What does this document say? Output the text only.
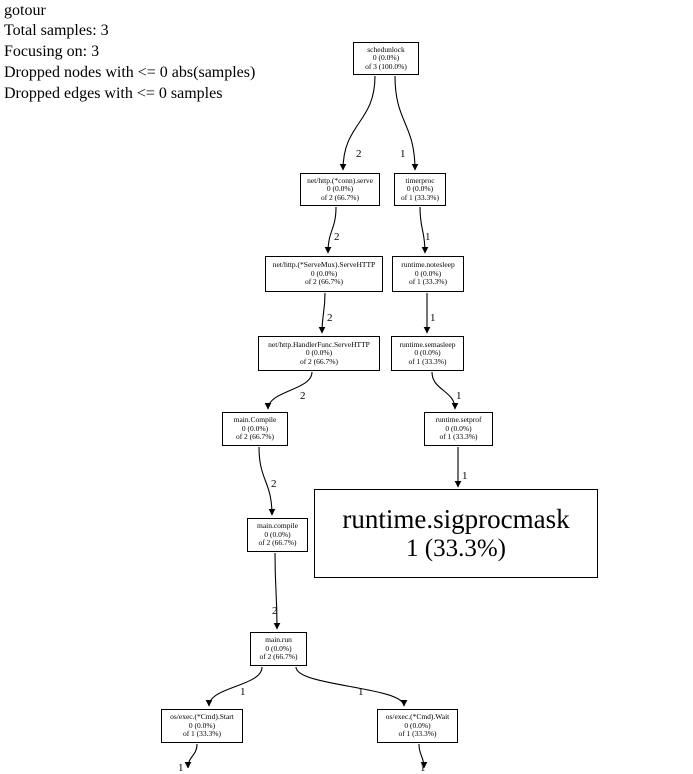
gotour
Total samples: 3
Focusing on: 3
Dropped nodes with <= 0 abs(samples)
Dropped edges with <= 0 samples
schedunlock
0 (0.0%)
of 3 (100.0%)
net/http.(*conn).serve
0 (0.0%)
of 2 (66.7%)
timerproc
0 (0.0%)
of 1 (33.3%)
net/http.(*ServeMux).ServeHTTP
0 (0.0%)
of 2 (66.7%)
runtime.notesleep
0 (0.0%)
of 1 (33.3%)
net/http.HandlerFunc.ServeHTTP
0 (0.0%)
of 2 (66.7%)
runtime.semasleep
0 (0.0%)
of 1 (33.3%)
main.Compile
0 (0.0%)
of 2 (66.7%)
runtime.setprof
0 (0.0%)
of 1 (33.3%)
main.compile
0 (0.0%)
of 2 (66.7%)
runtime.sigprocmask
1 (33.3%)
main.run
0 (0.0%)
of 2 (66.7%)
os/exec.(*Cmd).Start
0 (0.0%)
of 1 (33.3%)
os/exec.(*Cmd).Wait
0 (0.0%)
of 1 (33.3%)
2	1
2	1
2	1
2	1
2
1
2
1	1
1	1
